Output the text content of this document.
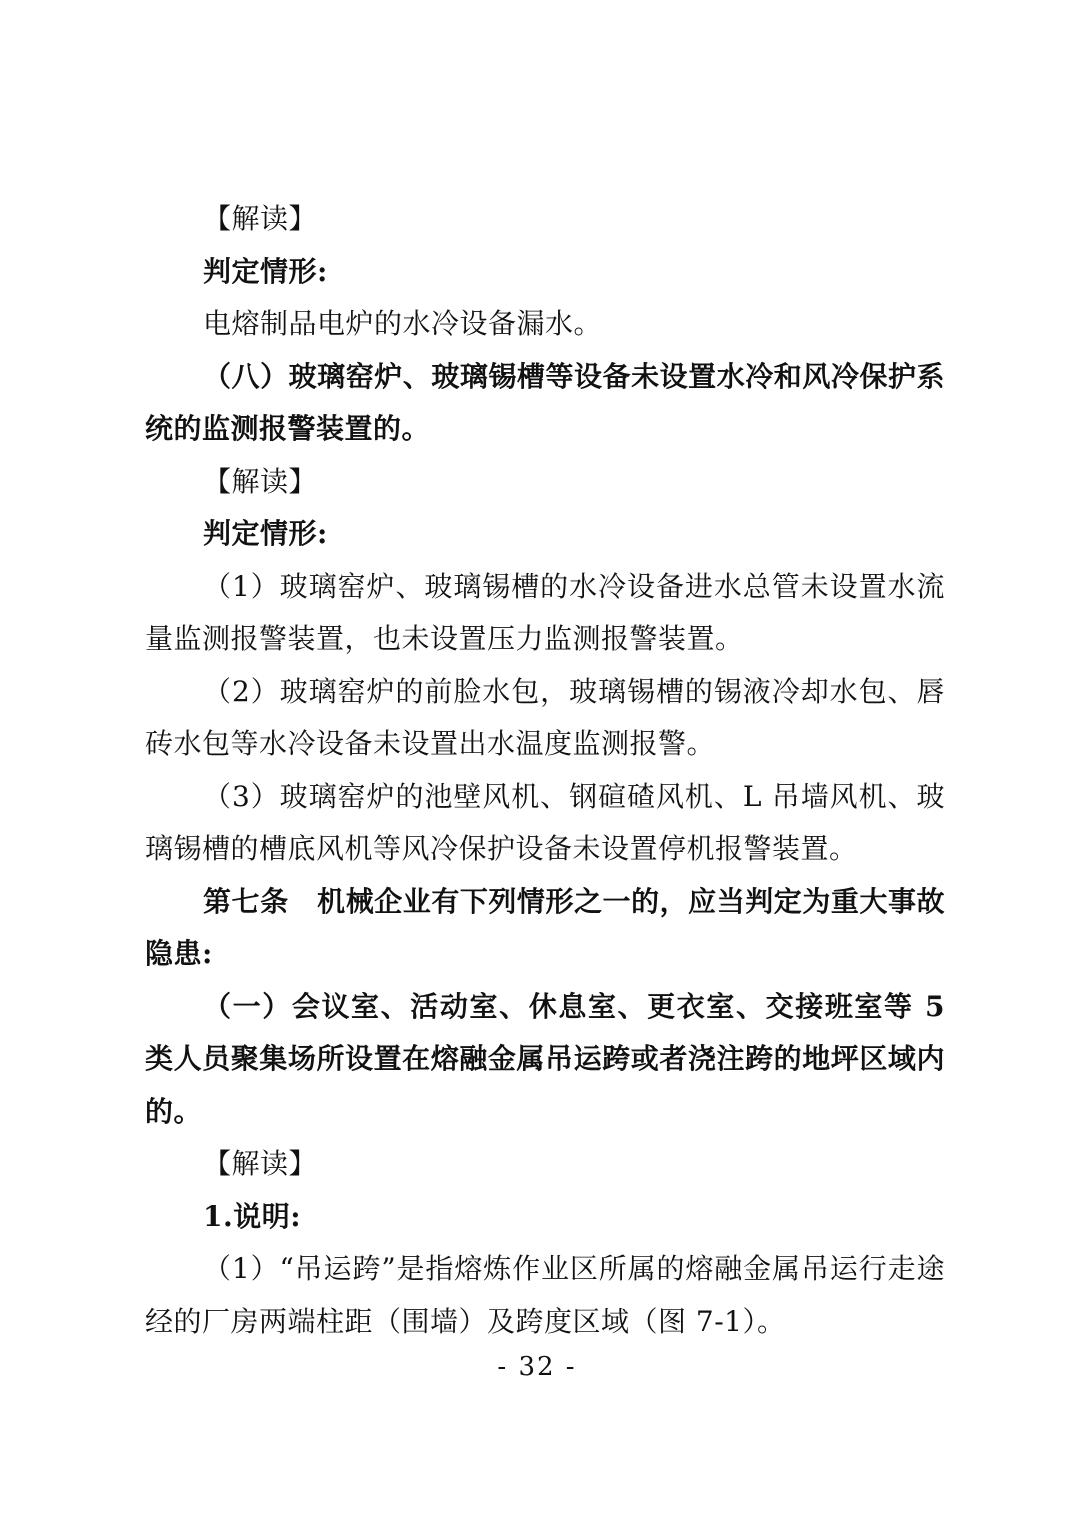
【解读】

判定情形:

电熔制品电炉的水冷设备漏水。

（八）玻璃窑炉、玻璃锡槽等设备未设置水冷和风冷保护系统的监测报警装置的。

【解读】

判定情形:

（1）玻璃窑炉、玻璃锡槽的水冷设备进水总管未设置水流量监测报警装置，也未设置压力监测报警装置。

（2）玻璃窑炉的前脸水包，玻璃锡槽的锡液冷却水包、唇砖水包等水冷设备未设置出水温度监测报警。

（3）玻璃窑炉的池壁风机、钢碹碴风机、L 吊墙风机、玻璃锡槽的槽底风机等风冷保护设备未设置停机报警装置。

第七条　机械企业有下列情形之一的，应当判定为重大事故隐患:

（一）会议室、活动室、休息室、更衣室、交接班室等 5 类人员聚集场所设置在熔融金属吊运跨或者浇注跨的地坪区域内的。

【解读】

1.说明:

（1）“吊运跨”是指熔炼作业区所属的熔融金属吊运行走途经的厂房两端柱距（围墙）及跨度区域（图 7-1）。

- 32 -
